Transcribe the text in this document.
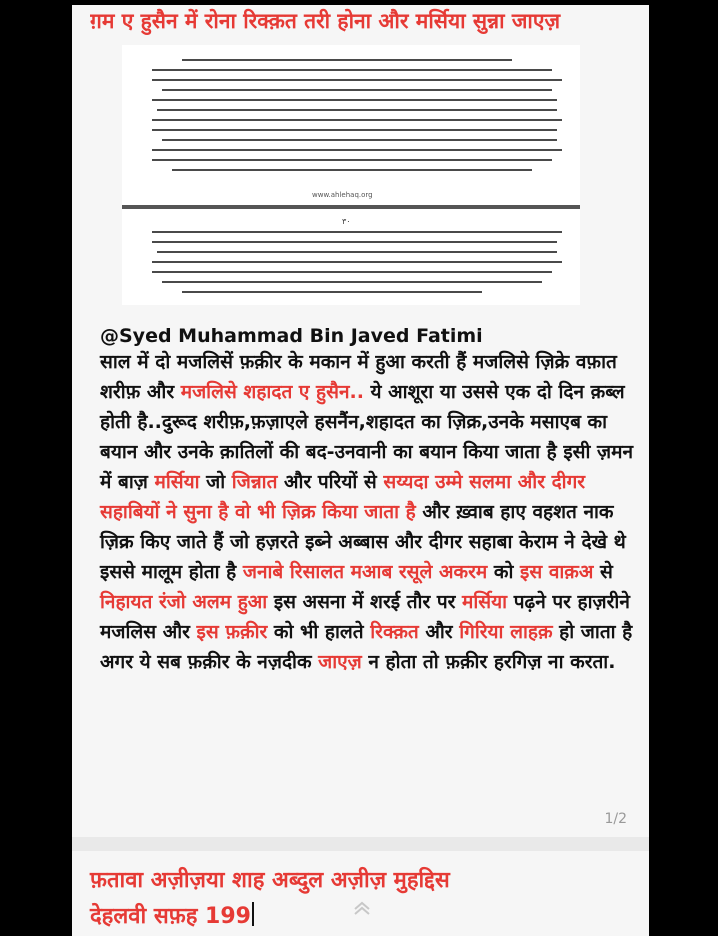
ग़म ए हुसैन में रोना रिक्क़त तरी होना और मर्सिया सुन्ना जाएज़
www.ahlehaq.org
۳۰
@Syed Muhammad Bin Javed Fatimi
साल में दो मजलिसें फ़क़ीर के मकान में हुआ करती हैं मजलिसे ज़िक्रे वफ़ात शरीफ़ और मजलिसे शहादत ए हुसैन.. ये आशूरा या उससे एक दो दिन क़ब्ल होती है..दुरूद शरीफ़,फ़ज़ाएले हसनैंन,शहादत का ज़िक्र,उनके मसाएब का बयान और उनके क़ातिलों की बद-उनवानी का बयान किया जाता है इसी ज़मन में बाज़ मर्सिया जो जिन्नात और परियों से सय्यदा उम्मे सलमा और दीगर सहाबियों ने सुना है वो भी ज़िक्र किया जाता है और ख़्वाब हाए वहशत नाक ज़िक्र किए जाते हैं जो हज़रते इब्ने अब्बास और दीगर सहाबा केराम ने देखे थे इससे मालूम होता है जनाबे रिसालत मआब रसूले अकरम को इस वाक़अ से निहायत रंजो अलम हुआ इस असना में शरई तौर पर मर्सिया पढ़ने पर हाज़रीने मजलिस और इस फ़क़ीर को भी हालते रिक्क़त और गिरिया लाहक़ हो जाता है अगर ये सब फ़क़ीर के नज़दीक जाएज़ न होता तो फ़क़ीर हरगिज़ ना करता.
1/2
फ़तावा अज़ीज़या शाह अब्दुल अज़ीज़ मुहद्दिस
देहलवी सफ़ह 199
